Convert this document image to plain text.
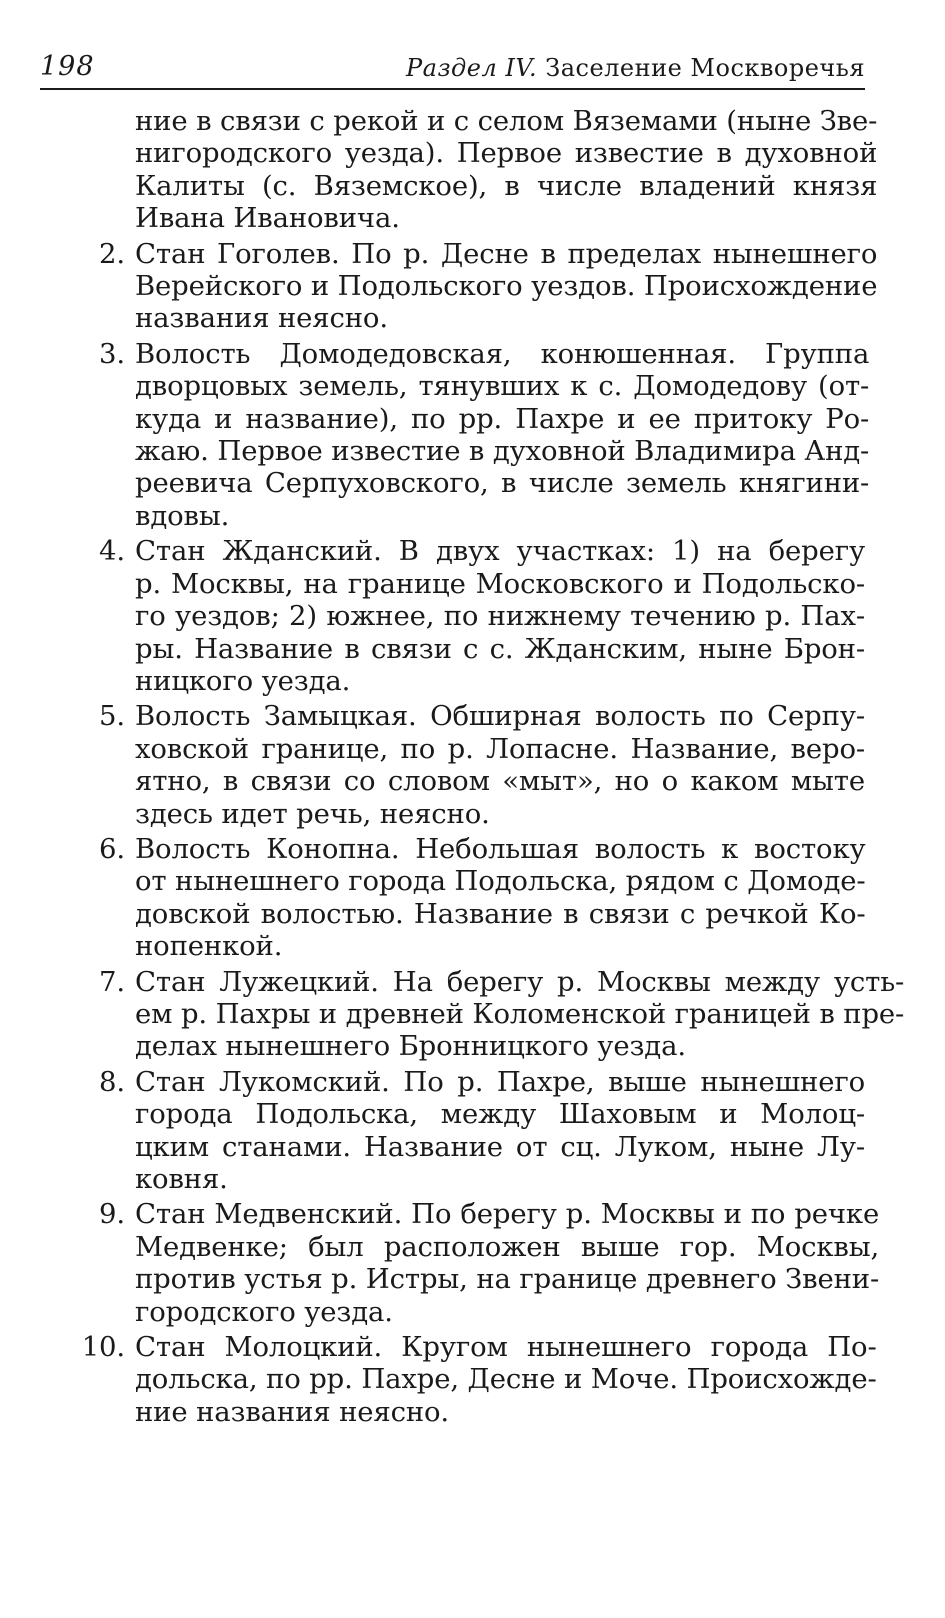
198	Раздел IV. Заселение Москворечья
ние в связи с рекой и с селом Вяземами (ныне Зве-
нигородского уезда). Первое известие в духовной
Калиты (с. Вяземское), в числе владений князя
Ивана Ивановича.
2. Стан Гоголев. По р. Десне в пределах нынешнего
Верейского и Подольского уездов. Происхождение
названия неясно.
3. Волость Домодедовская, конюшенная. Группа
дворцовых земель, тянувших к с. Домодедову (от-
куда и название), по рр. Пахре и ее притоку Ро-
жаю. Первое известие в духовной Владимира Анд-
реевича Серпуховского, в числе земель княгини-
вдовы.
4. Стан Жданский. В двух участках: 1) на берегу
р. Москвы, на границе Московского и Подольско-
го уездов; 2) южнее, по нижнему течению р. Пах-
ры. Название в связи с с. Жданским, ныне Брон-
ницкого уезда.
5. Волость Замыцкая. Обширная волость по Серпу-
ховской границе, по р. Лопасне. Название, веро-
ятно, в связи со словом «мыт», но о каком мыте
здесь идет речь, неясно.
6. Волость Конопна. Небольшая волость к востоку
от нынешнего города Подольска, рядом с Домоде-
довской волостью. Название в связи с речкой Ко-
нопенкой.
7. Стан Лужецкий. На берегу р. Москвы между усть-
ем р. Пахры и древней Коломенской границей в пре-
делах нынешнего Бронницкого уезда.
8. Стан Лукомский. По р. Пахре, выше нынешнего
города Подольска, между Шаховым и Молоц-
цким станами. Название от сц. Луком, ныне Лу-
ковня.
9. Стан Медвенский. По берегу р. Москвы и по речке
Медвенке; был расположен выше гор. Москвы,
против устья р. Истры, на границе древнего Звени-
городского уезда.
10. Стан Молоцкий. Кругом нынешнего города По-
дольска, по рр. Пахре, Десне и Моче. Происхожде-
ние названия неясно.
